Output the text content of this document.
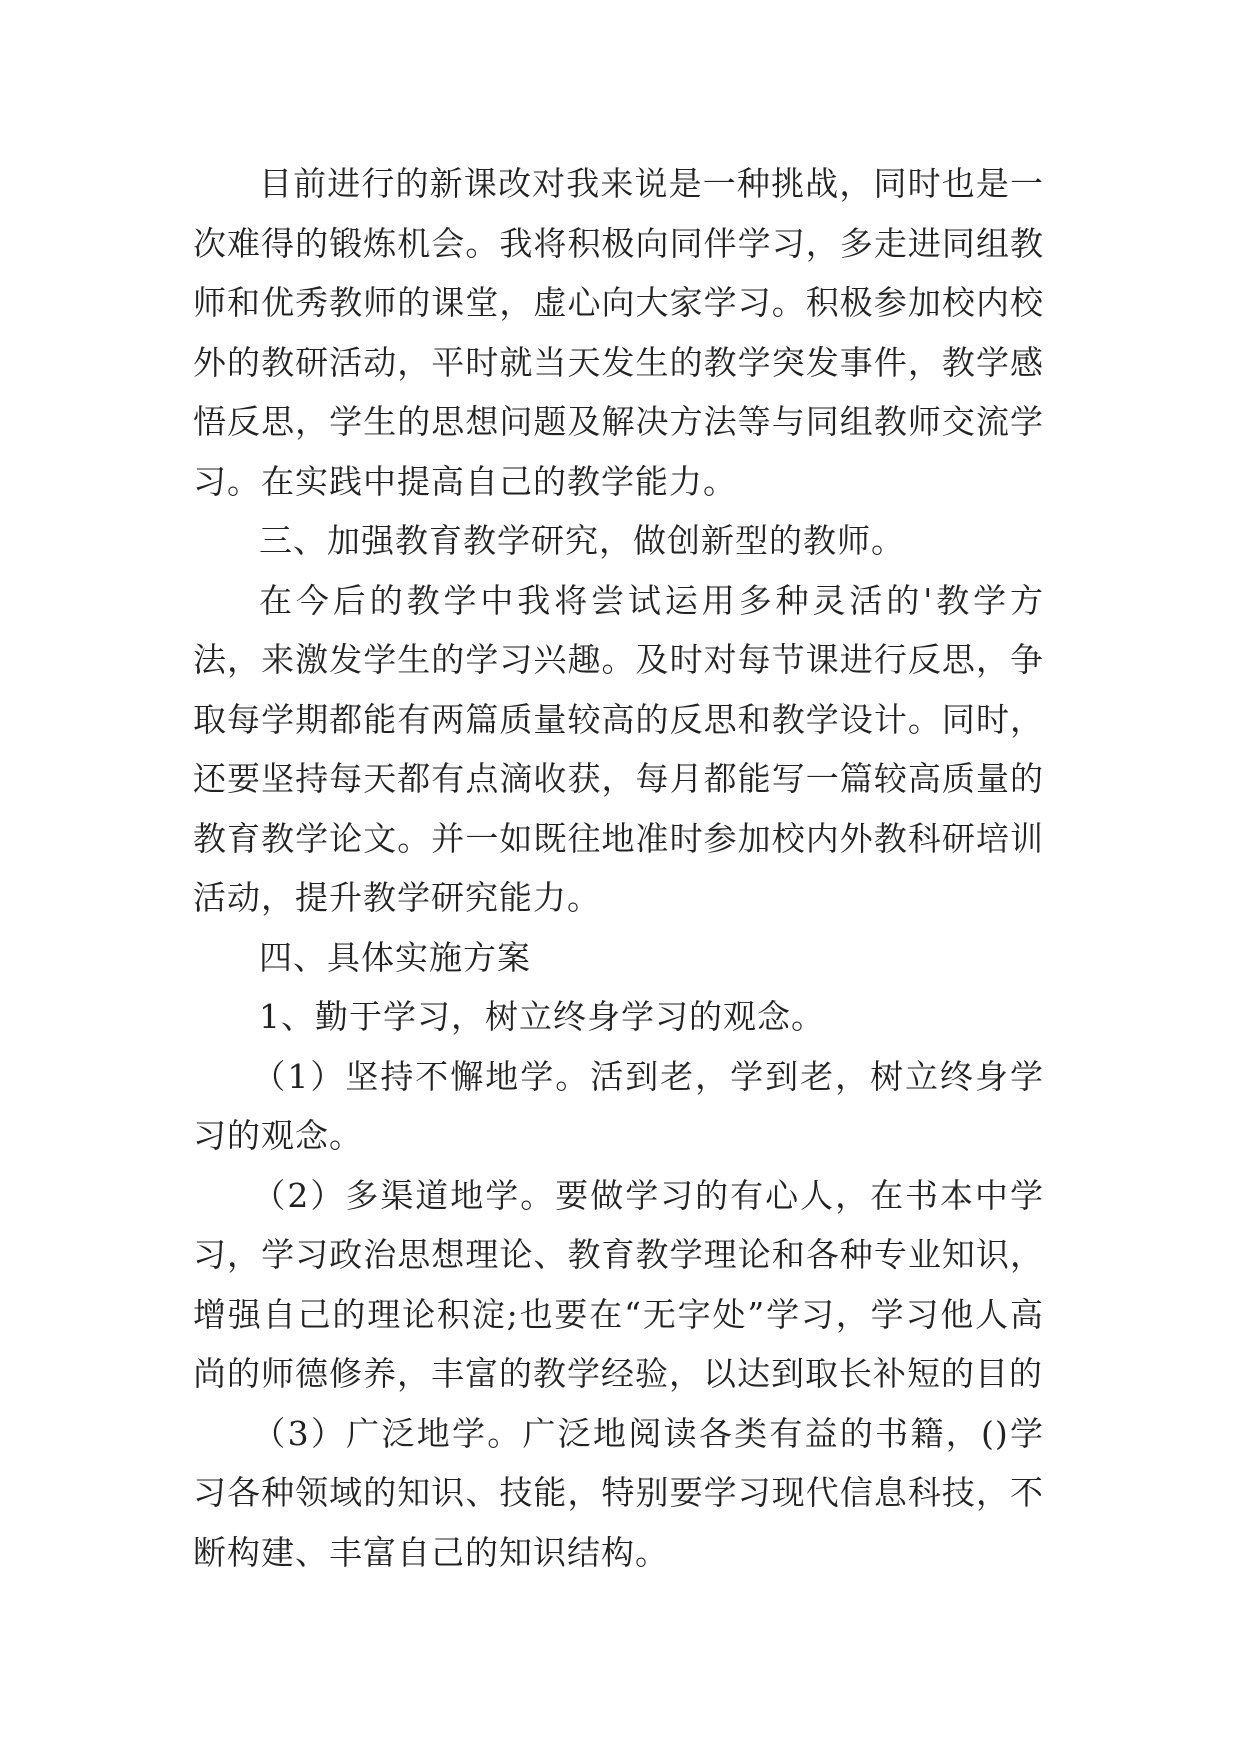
目前进行的新课改对我来说是一种挑战，同时也是一次难得的锻炼机会。我将积极向同伴学习，多走进同组教师和优秀教师的课堂，虚心向大家学习。积极参加校内校外的教研活动，平时就当天发生的教学突发事件，教学感悟反思，学生的思想问题及解决方法等与同组教师交流学习。在实践中提高自己的教学能力。

三、加强教育教学研究，做创新型的教师。

在今后的教学中我将尝试运用多种灵活的'教学方法，来激发学生的学习兴趣。及时对每节课进行反思，争取每学期都能有两篇质量较高的反思和教学设计。同时，还要坚持每天都有点滴收获，每月都能写一篇较高质量的教育教学论文。并一如既往地准时参加校内外教科研培训活动，提升教学研究能力。

四、具体实施方案

1、勤于学习，树立终身学习的观念。

（1）坚持不懈地学。活到老，学到老，树立终身学习的观念。

（2）多渠道地学。要做学习的有心人，在书本中学习，学习政治思想理论、教育教学理论和各种专业知识，增强自己的理论积淀;也要在“无字处”学习，学习他人高尚的师德修养，丰富的教学经验，以达到取长补短的目的

（3）广泛地学。广泛地阅读各类有益的书籍，()学习各种领域的知识、技能，特别要学习现代信息科技，不断构建、丰富自己的知识结构。
